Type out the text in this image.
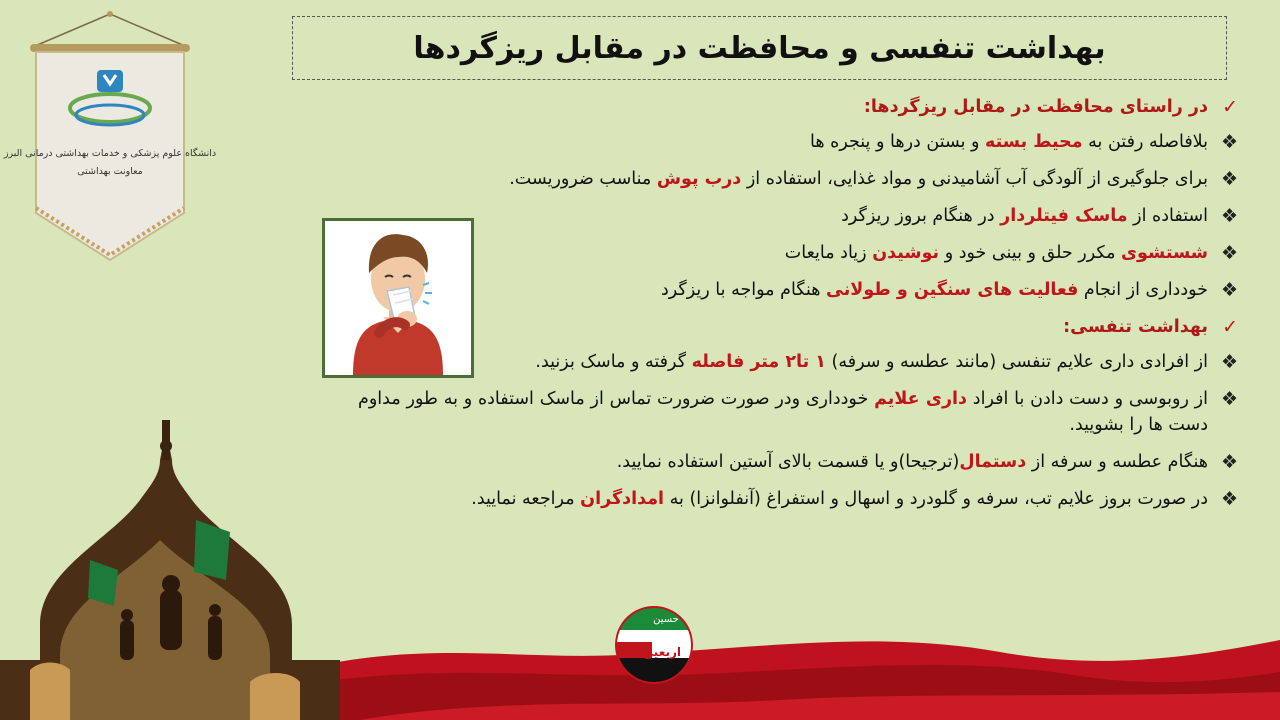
دانشگاه علوم پزشکی و خدمات بهداشتی درمانی البرز
معاونت بهداشتی
بهداشت تنفسی و محافظت در مقابل ریزگردها
✓
در راستای محافظت در مقابل ریزگردها:
❖
بلافاصله رفتن به محیط بسته و بستن درها و پنجره ها
❖
برای جلوگیری از آلودگی آب آشامیدنی و مواد غذایی، استفاده از درب پوش مناسب ضروریست.
❖
استفاده از ماسک فیتلردار در هنگام بروز ریزگرد
❖
شستشوی مکرر حلق و بینی خود و نوشیدن زیاد مایعات
❖
خودداری از انجام فعالیت های سنگین و طولانی هنگام مواجه با ریزگرد
✓
بهداشت تنفسی:
❖
از افرادی داری علایم تنفسی (مانند عطسه و سرفه) ۱ تا۲ متر فاصله گرفته و ماسک بزنید.
❖
از روبوسی و دست دادن با افراد داری علایم خودداری ودر صورت ضرورت تماس از ماسک استفاده و به طور مداوم دست ها را بشویید.
❖
هنگام عطسه و سرفه از دستمال(ترجیحا)و یا قسمت بالای آستین استفاده نمایید.
❖
در صورت بروز علایم تب، سرفه و گلودرد و اسهال و استفراغ (آنفلوانزا) به امدادگران مراجعه نمایید.
حسین
اربعین
